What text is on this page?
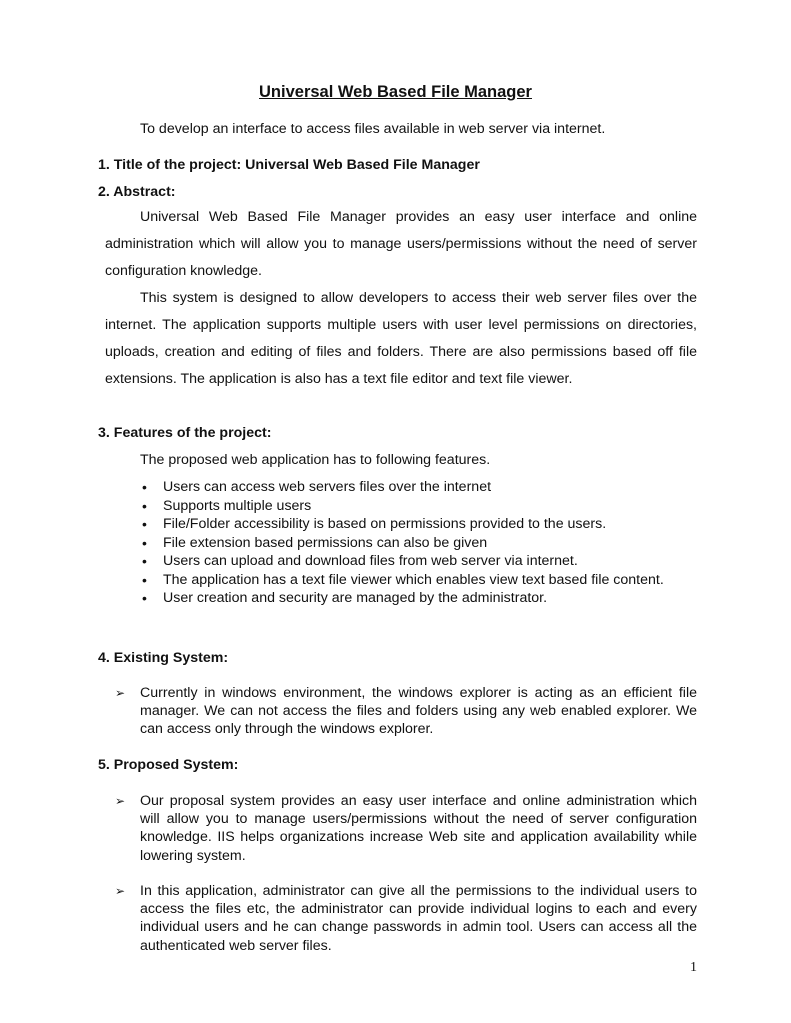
Universal Web Based File Manager
To develop an interface to access files available in web server via internet.
1. Title of the project: Universal Web Based File Manager
2. Abstract:

Universal Web Based File Manager provides an easy user interface and online administration which will allow you to manage users/permissions without the need of server configuration knowledge.

This system is designed to allow developers to access their web server files over the internet. The application supports multiple users with user level permissions on directories, uploads, creation and editing of files and folders. There are also permissions based off file extensions. The application is also has a text file editor and text file viewer.

3. Features of the project:
The proposed web application has to following features.
• Users can access web servers files over the internet
• Supports multiple users
• File/Folder accessibility is based on permissions provided to the users.
• File extension based permissions can also be given
• Users can upload and download files from web server via internet.
• The application has a text file viewer which enables view text based file content.
• User creation and security are managed by the administrator.
4. Existing System:
➢ Currently in windows environment, the windows explorer is acting as an efficient file manager. We can not access the files and folders using any web enabled explorer. We can access only through the windows explorer.
5. Proposed System:
➢ Our proposal system provides an easy user interface and online administration which will allow you to manage users/permissions without the need of server configuration knowledge. IIS helps organizations increase Web site and application availability while lowering system.
➢ In this application, administrator can give all the permissions to the individual users to access the files etc, the administrator can provide individual logins to each and every individual users and he can change passwords in admin tool. Users can access all the authenticated web server files.
1
